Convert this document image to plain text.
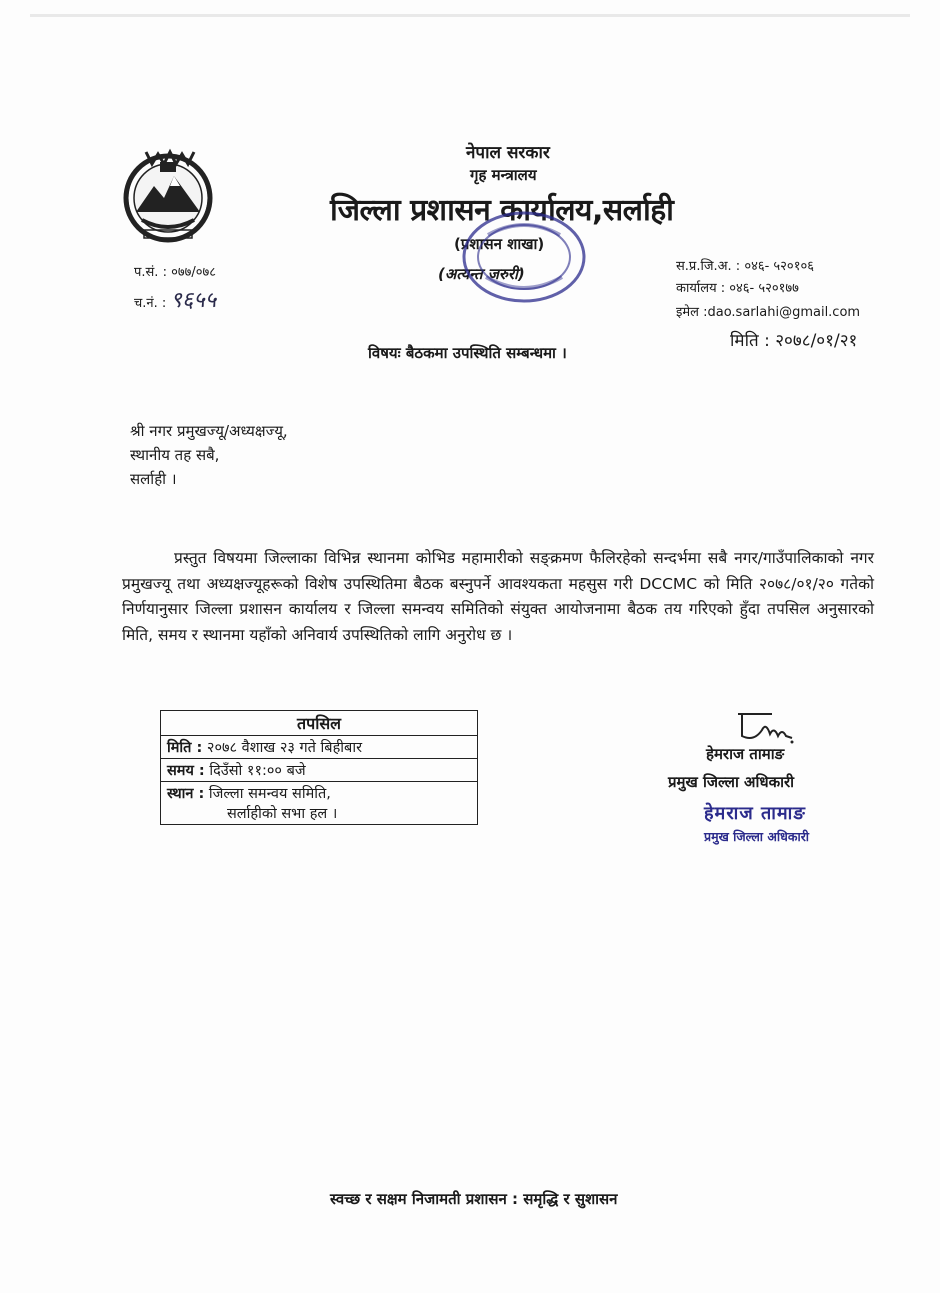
नेपाल सरकार
गृह मन्त्रालय
जिल्ला प्रशासन कार्यालय,सर्लाही
(प्रशासन शाखा)
(अत्यन्त जरुरी)
प.सं. : ०७७/०७८
च.नं. : ९६५५
स.प्र.जि.अ. : ०४६- ५२०१०६
कार्यालय : ०४६- ५२०१७७
इमेल :dao.sarlahi@gmail.com
मिति : २०७८/०१/२१
विषयः बैठकमा उपस्थिति सम्बन्धमा ।
श्री नगर प्रमुखज्यू/अध्यक्षज्यू,
स्थानीय तह सबै,
सर्लाही ।
प्रस्तुत विषयमा जिल्लाका विभिन्न स्थानमा कोभिड महामारीको सङ्क्रमण फैलिरहेको सन्दर्भमा सबै नगर/गाउँपालिकाको नगर प्रमुखज्यू तथा अध्यक्षज्यूहरूको विशेष उपस्थितिमा बैठक बस्नुपर्ने आवश्यकता महसुस गरी DCCMC को मिति २०७८/०१/२० गतेको निर्णयानुसार जिल्ला प्रशासन कार्यालय र जिल्ला समन्वय समितिको संयुक्त आयोजनामा बैठक तय गरिएको हुँदा तपसिल अनुसारको मिति, समय र स्थानमा यहाँको अनिवार्य उपस्थितिको लागि अनुरोध छ ।
तपसिल
मिति : २०७८ वैशाख २३ गते बिहीबार
समय : दिउँसो ११:०० बजे
स्थान : जिल्ला समन्वय समिति,
सर्लाहीको सभा हल ।
हेमराज तामाङ
प्रमुख जिल्ला अधिकारी
हेमराज तामाङ
प्रमुख जिल्ला अधिकारी
स्वच्छ र सक्षम निजामती प्रशासन : समृद्धि र सुशासन
